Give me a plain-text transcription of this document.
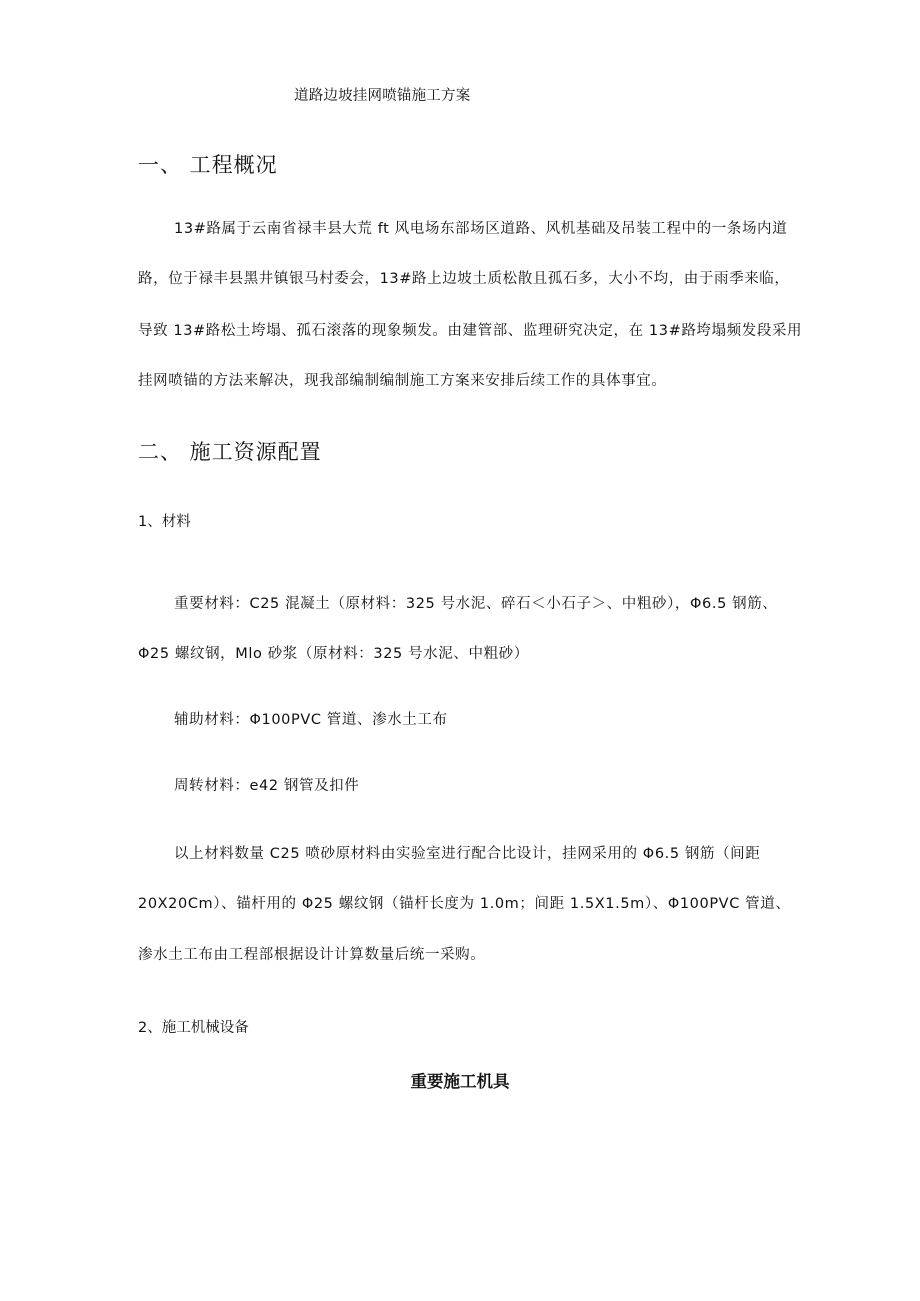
道路边坡挂网喷锚施工方案
一、 工程概况
13#路属于云南省禄丰县大荒 ft 风电场东部场区道路、风机基础及吊装工程中的一条场内道
路，位于禄丰县黑井镇银马村委会，13#路上边坡土质松散且孤石多，大小不均，由于雨季来临，
导致 13#路松土垮塌、孤石滚落的现象频发。由建管部、监理研究决定，在 13#路垮塌频发段采用
挂网喷锚的方法来解决，现我部编制编制施工方案来安排后续工作的具体事宜。
二、 施工资源配置
1、材料
重要材料：C25 混凝土（原材料：325 号水泥、碎石＜小石子＞、中粗砂），Φ6.5 钢筋、
Φ25 螺纹钢，Mlo 砂浆（原材料：325 号水泥、中粗砂）
辅助材料：Φ100PVC 管道、渗水土工布
周转材料：e42 钢管及扣件
以上材料数量 C25 喷砂原材料由实验室进行配合比设计，挂网采用的 Φ6.5 钢筋（间距
20X20Cm）、锚杆用的 Φ25 螺纹钢（锚杆长度为 1.0m；间距 1.5X1.5m）、Φ100PVC 管道、
渗水土工布由工程部根据设计计算数量后统一采购。
2、施工机械设备
重要施工机具
